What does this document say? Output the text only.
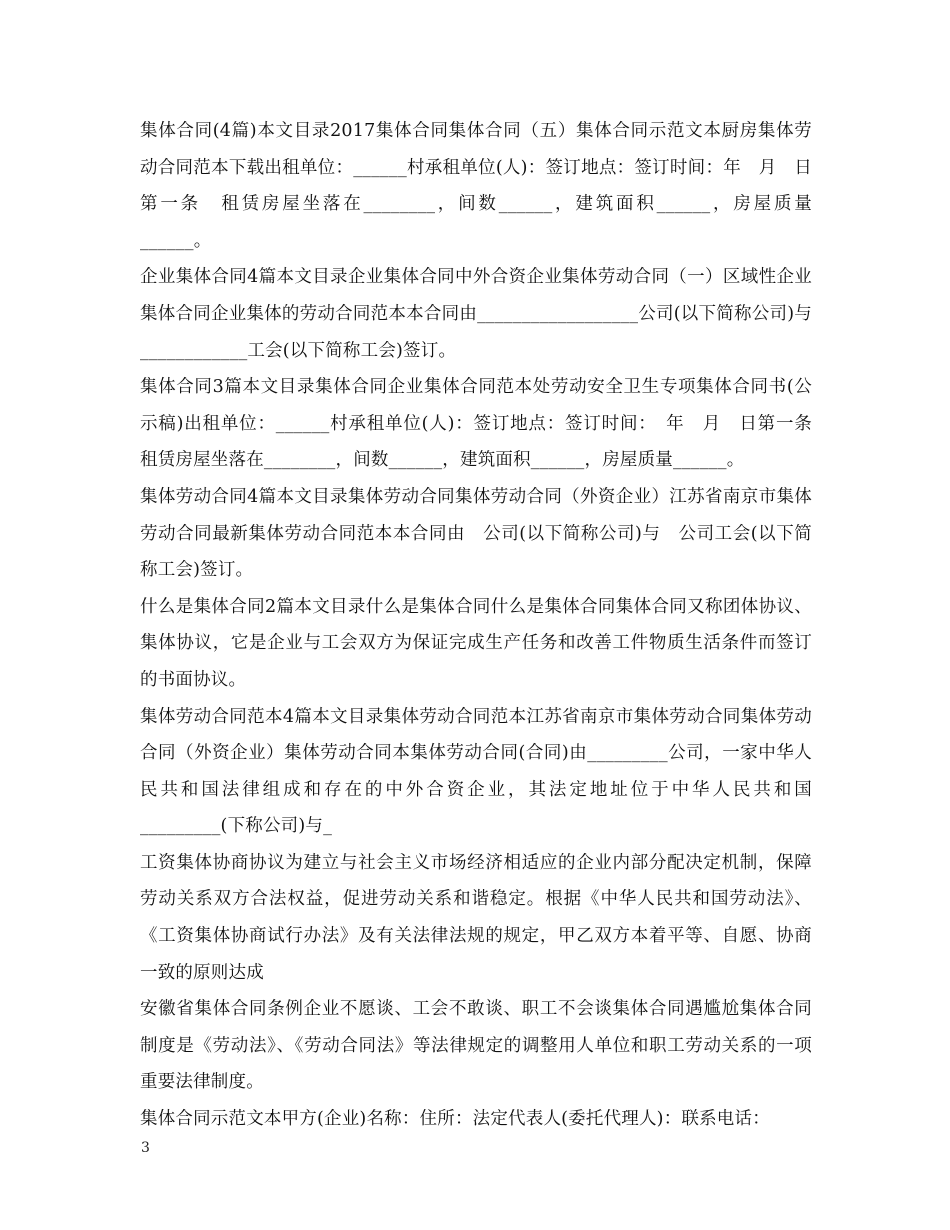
集体合同(4篇)本文目录2017集体合同集体合同（五）集体合同示范文本厨房集体劳动合同范本下载出租单位：______村承租单位(人)：签订地点：签订时间：年　月　日第一条　租赁房屋坐落在________，间数______，建筑面积______，房屋质量______。

企业集体合同4篇本文目录企业集体合同中外合资企业集体劳动合同（一）区域性企业集体合同企业集体的劳动合同范本本合同由__________________公司(以下简称公司)与____________工会(以下简称工会)签订。

集体合同3篇本文目录集体合同企业集体合同范本处劳动安全卫生专项集体合同书(公示稿)出租单位：______村承租单位(人)：签订地点：签订时间：　年　月　日第一条　租赁房屋坐落在________，间数______，建筑面积______，房屋质量______。

集体劳动合同4篇本文目录集体劳动合同集体劳动合同（外资企业）江苏省南京市集体劳动合同最新集体劳动合同范本本合同由　公司(以下简称公司)与　公司工会(以下简称工会)签订。

什么是集体合同2篇本文目录什么是集体合同什么是集体合同集体合同又称团体协议、集体协议，它是企业与工会双方为保证完成生产任务和改善工件物质生活条件而签订的书面协议。

集体劳动合同范本4篇本文目录集体劳动合同范本江苏省南京市集体劳动合同集体劳动合同（外资企业）集体劳动合同本集体劳动合同(合同)由_________公司，一家中华人民共和国法律组成和存在的中外合资企业，其法定地址位于中华人民共和国　_________(下称公司)与_

工资集体协商协议为建立与社会主义市场经济相适应的企业内部分配决定机制，保障劳动关系双方合法权益，促进劳动关系和谐稳定。根据《中华人民共和国劳动法》、《工资集体协商试行办法》及有关法律法规的规定，甲乙双方本着平等、自愿、协商一致的原则达成

安徽省集体合同条例企业不愿谈、工会不敢谈、职工不会谈集体合同遇尴尬集体合同制度是《劳动法》、《劳动合同法》等法律规定的调整用人单位和职工劳动关系的一项重要法律制度。

集体合同示范文本甲方(企业)名称：住所：法定代表人(委托代理人)：联系电话：

3
